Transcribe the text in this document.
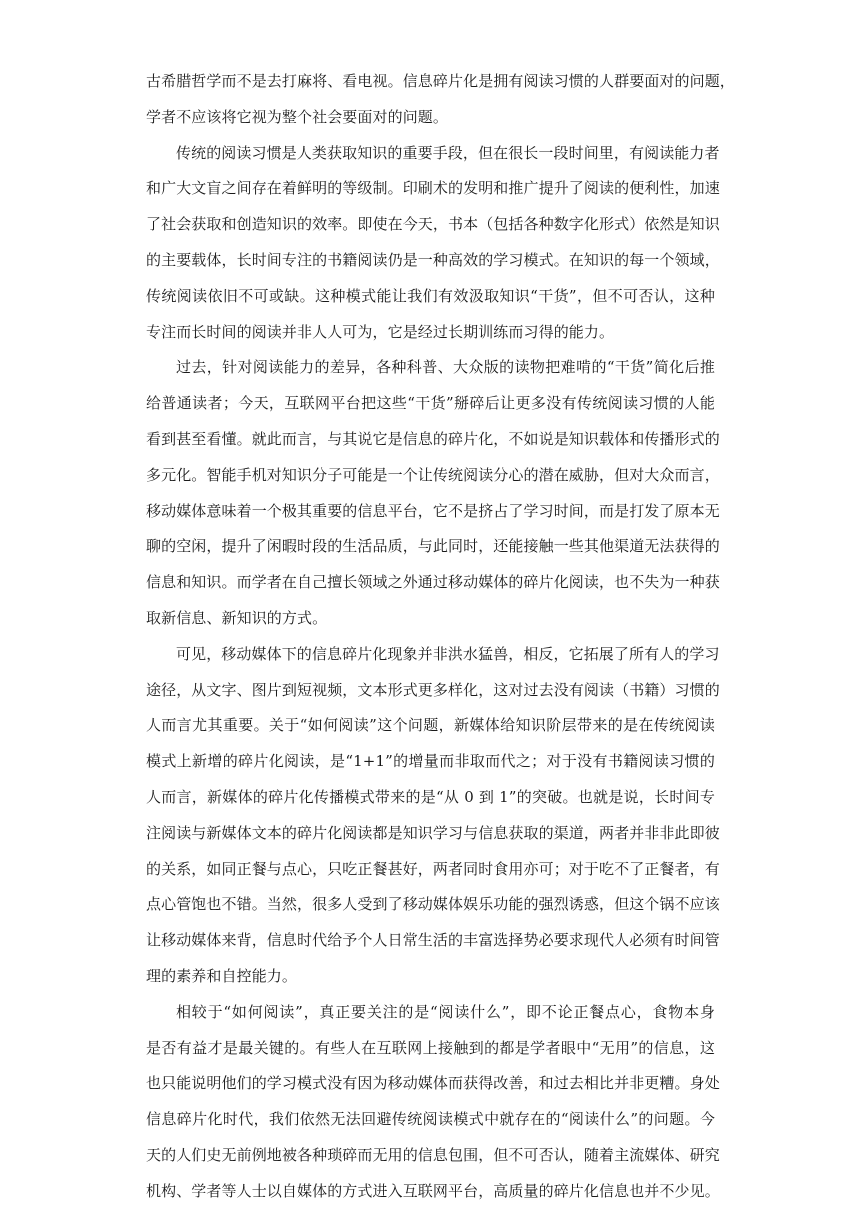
古希腊哲学而不是去打麻将、看电视。信息碎片化是拥有阅读习惯的人群要面对的问题，
学者不应该将它视为整个社会要面对的问题。
传统的阅读习惯是人类获取知识的重要手段，但在很长一段时间里，有阅读能力者
和广大文盲之间存在着鲜明的等级制。印刷术的发明和推广提升了阅读的便利性，加速
了社会获取和创造知识的效率。即使在今天，书本（包括各种数字化形式）依然是知识
的主要载体，长时间专注的书籍阅读仍是一种高效的学习模式。在知识的每一个领域，
传统阅读依旧不可或缺。这种模式能让我们有效汲取知识“干货”，但不可否认，这种
专注而长时间的阅读并非人人可为，它是经过长期训练而习得的能力。
过去，针对阅读能力的差异，各种科普、大众版的读物把难啃的“干货”简化后推
给普通读者；今天，互联网平台把这些“干货”掰碎后让更多没有传统阅读习惯的人能
看到甚至看懂。就此而言，与其说它是信息的碎片化，不如说是知识载体和传播形式的
多元化。智能手机对知识分子可能是一个让传统阅读分心的潜在威胁，但对大众而言，
移动媒体意味着一个极其重要的信息平台，它不是挤占了学习时间，而是打发了原本无
聊的空闲，提升了闲暇时段的生活品质，与此同时，还能接触一些其他渠道无法获得的
信息和知识。而学者在自己擅长领域之外通过移动媒体的碎片化阅读，也不失为一种获
取新信息、新知识的方式。
可见，移动媒体下的信息碎片化现象并非洪水猛兽，相反，它拓展了所有人的学习
途径，从文字、图片到短视频，文本形式更多样化，这对过去没有阅读（书籍）习惯的
人而言尤其重要。关于“如何阅读”这个问题，新媒体给知识阶层带来的是在传统阅读
模式上新增的碎片化阅读，是“1+1”的增量而非取而代之；对于没有书籍阅读习惯的
人而言，新媒体的碎片化传播模式带来的是“从 0 到 1”的突破。也就是说，长时间专
注阅读与新媒体文本的碎片化阅读都是知识学习与信息获取的渠道，两者并非非此即彼
的关系，如同正餐与点心，只吃正餐甚好，两者同时食用亦可；对于吃不了正餐者，有
点心管饱也不错。当然，很多人受到了移动媒体娱乐功能的强烈诱惑，但这个锅不应该
让移动媒体来背，信息时代给予个人日常生活的丰富选择势必要求现代人必须有时间管
理的素养和自控能力。
相较于“如何阅读”，真正要关注的是“阅读什么”，即不论正餐点心，食物本身
是否有益才是最关键的。有些人在互联网上接触到的都是学者眼中“无用”的信息，这
也只能说明他们的学习模式没有因为移动媒体而获得改善，和过去相比并非更糟。身处
信息碎片化时代，我们依然无法回避传统阅读模式中就存在的“阅读什么”的问题。今
天的人们史无前例地被各种琐碎而无用的信息包围，但不可否认，随着主流媒体、研究
机构、学者等人士以自媒体的方式进入互联网平台，高质量的碎片化信息也并不少见。
